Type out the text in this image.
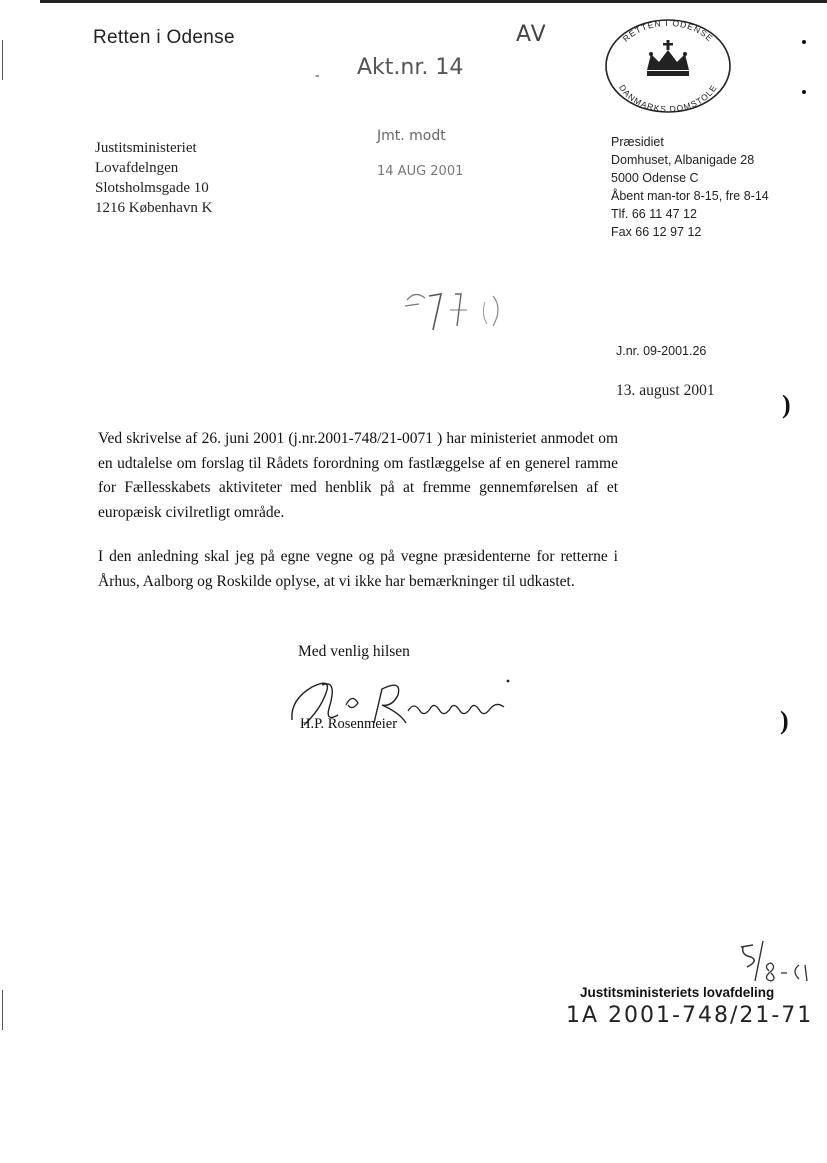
Retten i Odense	AV
- Akt.nr. 14
RETTEN I ODENSE
DANMARKS DOMSTOLE
Jmt. modt
14 AUG 2001
Justitsministeriet
Lovafdelngen
Slotsholmsgade 10
1216 København K
Præsidiet
Domhuset, Albanigade 28
5000 Odense C
Åbent man-tor 8-15, fre 8-14
Tlf. 66 11 47 12
Fax 66 12 97 12
J.nr. 09-2001.26
13. august 2001	)
Ved skrivelse af 26. juni 2001 (j.nr.2001-748/21-0071 ) har ministeriet anmodet om en udtalelse om forslag til Rådets forordning om fastlæggelse af en generel ramme for Fællesskabets aktiviteter med henblik på at fremme gennemførelsen af et europæisk civilretligt område.
I den anledning skal jeg på egne vegne og på vegne præsidenterne for retterne i Århus, Aalborg og Roskilde oplyse, at vi ikke har bemærkninger til udkastet.
Med venlig hilsen
H.P. Rosenmeier	)
Justitsministeriets lovafdeling
1A 2001-748/21-71
